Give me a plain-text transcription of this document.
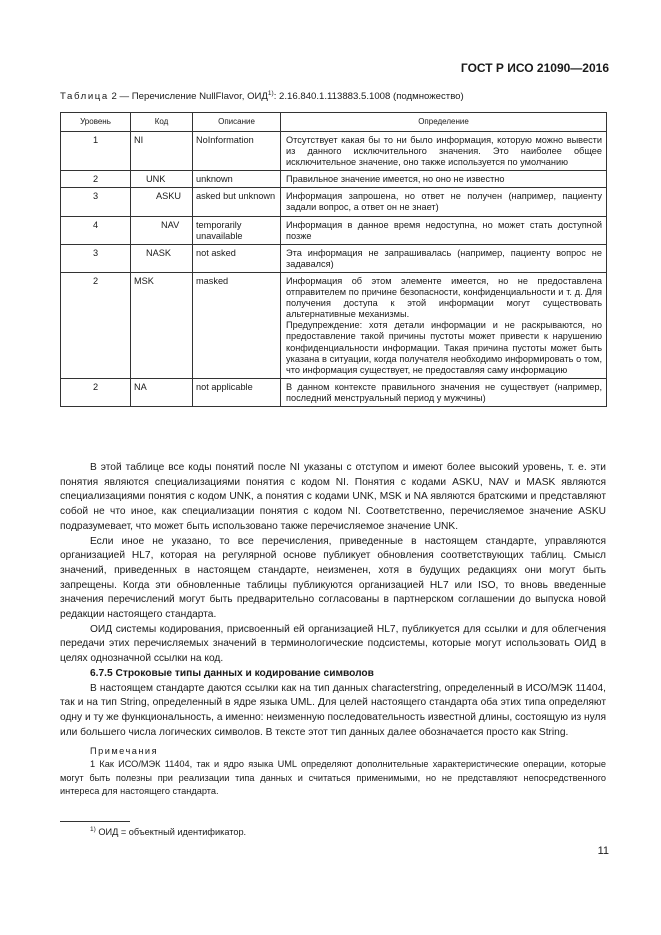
ГОСТ Р ИСО 21090—2016
Таблица 2 — Перечисление NullFlavor, ОИД$^{1)}$: 2.16.840.1.113883.5.1008 (подмножество)
Уровень	Код	Описание	Определение
1	NI	NoInformation	Отсутствует какая бы то ни было информация, которую можно вывести из данного исключительного значения. Это наиболее общее исключительное значение, оно также используется по умолчанию
2	UNK	unknown	Правильное значение имеется, но оно не известно
3	ASKU	asked but unknown	Информация запрошена, но ответ не получен (например, пациенту задали вопрос, а ответ он не знает)
4	NAV	temporarily unavailable	Информация в данное время недоступна, но может стать доступной позже
3	NASK	not asked	Эта информация не запрашивалась (например, пациенту вопрос не задавался)
2	MSK	masked	Информация об этом элементе имеется, но не предоставлена отправителем по причине безопасности, конфиденциальности и т. д. Для получения доступа к этой информации могут существовать альтернативные механизмы.
Предупреждение: хотя детали информации и не раскрываются, но предоставление такой причины пустоты может привести к нарушению конфиденциальности информации. Такая причина пустоты может быть указана в ситуации, когда получателя необходимо информировать о том, что информация существует, не предоставляя саму информацию

2	NA	not applicable	В данном контексте правильного значения не существует (например, последний менструальный период у мужчины)

В этой таблице все коды понятий после NI указаны с отступом и имеют более высокий уровень, т. е. эти понятия являются специализациями понятия с кодом NI. Понятия с кодами ASKU, NAV и MASK являются специализациями понятия с кодом UNK, а понятия с кодами UNK, MSK и NA являются братскими и представляют собой не что иное, как специализации понятия с кодом NI. Соответственно, перечисляемое значение ASKU подразумевает, что может быть использовано также перечисляемое значение UNK.

Если иное не указано, то все перечисления, приведенные в настоящем стандарте, управляются организацией HL7, которая на регулярной основе публикует обновления соответствующих таблиц. Смысл значений, приведенных в настоящем стандарте, неизменен, хотя в будущих редакциях они могут быть запрещены. Когда эти обновленные таблицы публикуются организацией HL7 или ISO, то вновь введенные значения перечислений могут быть предварительно согласованы в партнерском соглашении до выпуска новой редакции настоящего стандарта.

ОИД системы кодирования, присвоенный ей организацией HL7, публикуется для ссылки и для облегчения передачи этих перечисляемых значений в терминологические подсистемы, которые могут использовать ОИД в целях однозначной ссылки на код.

6.7.5 Строковые типы данных и кодирование символов

В настоящем стандарте даются ссылки как на тип данных characterstring, определенный в ИСО/МЭК 11404, так и на тип String, определенный в ядре языка UML. Для целей настоящего стандарта оба этих типа определяют одну и ту же функциональность, а именно: неизменную последовательность известной длины, состоящую из нуля или большего числа логических символов. В тексте этот тип данных далее обозначается просто как String.

Примечания

1 Как ИСО/МЭК 11404, так и ядро языка UML определяют дополнительные характеристические операции, которые могут быть полезны при реализации типа данных и считаться применимыми, но не представляют непосредственного интереса для настоящего стандарта.

$^{1)}$ ОИД = объектный идентификатор.
11
